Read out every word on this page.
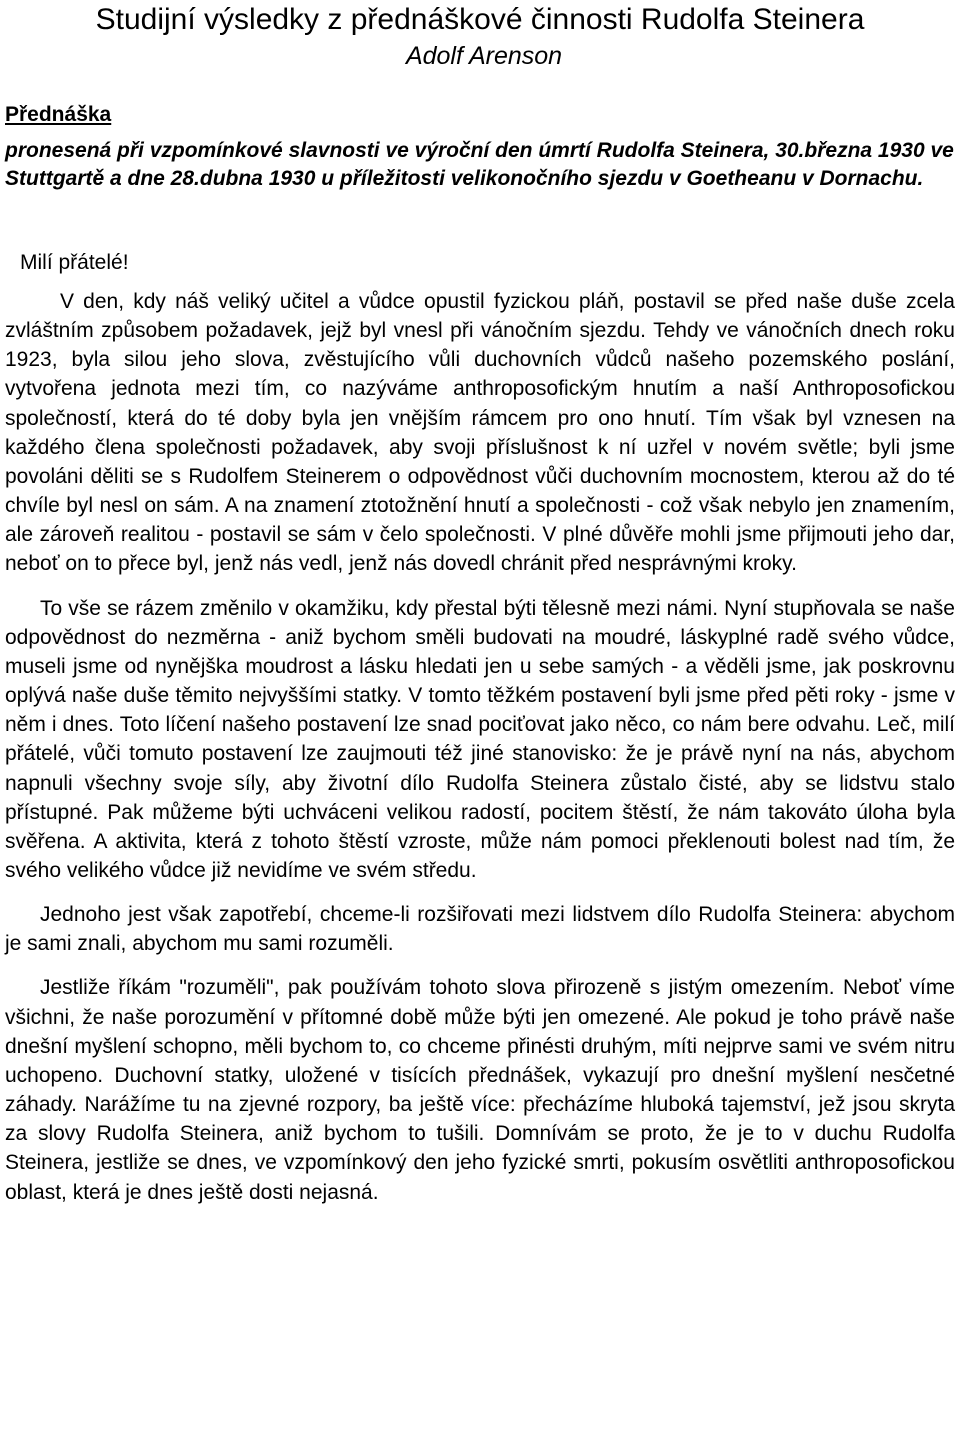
Studijní výsledky z přednáškové činnosti Rudolfa Steinera
Adolf Arenson
Přednáška
pronesená při vzpomínkové slavnosti ve výroční den úmrtí Rudolfa Steinera, 30.března 1930 ve Stuttgartě a dne 28.dubna 1930 u příležitosti velikonočního sjezdu v Goetheanu v Dornachu.
Milí přátelé!

V den, kdy náš veliký učitel a vůdce opustil fyzickou pláň, postavil se před naše duše zcela zvláštním způsobem požadavek, jejž byl vnesl při vánočním sjezdu. Tehdy ve vánočních dnech roku 1923, byla silou jeho slova, zvěstujícího vůli duchovních vůdců našeho pozemského poslání, vytvořena jednota mezi tím, co nazýváme anthroposofickým hnutím a naší Anthroposofickou společností, která do té doby byla jen vnějším rámcem pro ono hnutí. Tím však byl vznesen na každého člena společnosti požadavek, aby svoji příslušnost k ní uzřel v novém světle; byli jsme povoláni děliti se s Rudolfem Steinerem o odpovědnost vůči duchovním mocnostem, kterou až do té chvíle byl nesl on sám. A na znamení ztotožnění hnutí a společnosti - což však nebylo jen znamením, ale zároveň realitou - postavil se sám v čelo společnosti. V plné důvěře mohli jsme přijmouti jeho dar, neboť on to přece byl, jenž nás vedl, jenž nás dovedl chránit před nesprávnými kroky.

To vše se rázem změnilo v okamžiku, kdy přestal býti tělesně mezi námi. Nyní stupňovala se naše odpovědnost do nezměrna - aniž bychom směli budovati na moudré, láskyplné radě svého vůdce, museli jsme od nynějška moudrost a lásku hledati jen u sebe samých - a věděli jsme, jak poskrovnu oplývá naše duše těmito nejvyššími statky. V tomto těžkém postavení byli jsme před pěti roky - jsme v něm i dnes. Toto líčení našeho postavení lze snad pociťovat jako něco, co nám bere odvahu. Leč, milí přátelé, vůči tomuto postavení lze zaujmouti též jiné stanovisko: že je právě nyní na nás, abychom napnuli všechny svoje síly, aby životní dílo Rudolfa Steinera zůstalo čisté, aby se lidstvu stalo přístupné. Pak můžeme býti uchváceni velikou radostí, pocitem štěstí, že nám takováto úloha byla svěřena. A aktivita, která z tohoto štěstí vzroste, může nám pomoci překlenouti bolest nad tím, že svého velikého vůdce již nevidíme ve svém středu.

Jednoho jest však zapotřebí, chceme-li rozšiřovati mezi lidstvem dílo Rudolfa Steinera: abychom je sami znali, abychom mu sami rozuměli.

Jestliže říkám "rozuměli", pak používám tohoto slova přirozeně s jistým omezením. Neboť víme všichni, že naše porozumění v přítomné době může býti jen omezené. Ale pokud je toho právě naše dnešní myšlení schopno, měli bychom to, co chceme přinésti druhým, míti nejprve sami ve svém nitru uchopeno. Duchovní statky, uložené v tisících přednášek, vykazují pro dnešní myšlení nesčetné záhady. Narážíme tu na zjevné rozpory, ba ještě více: přecházíme hluboká tajemství, jež jsou skryta za slovy Rudolfa Steinera, aniž bychom to tušili. Domnívám se proto, že je to v duchu Rudolfa Steinera, jestliže se dnes, ve vzpomínkový den jeho fyzické smrti, pokusím osvětliti anthroposofickou oblast, která je dnes ještě dosti nejasná.
